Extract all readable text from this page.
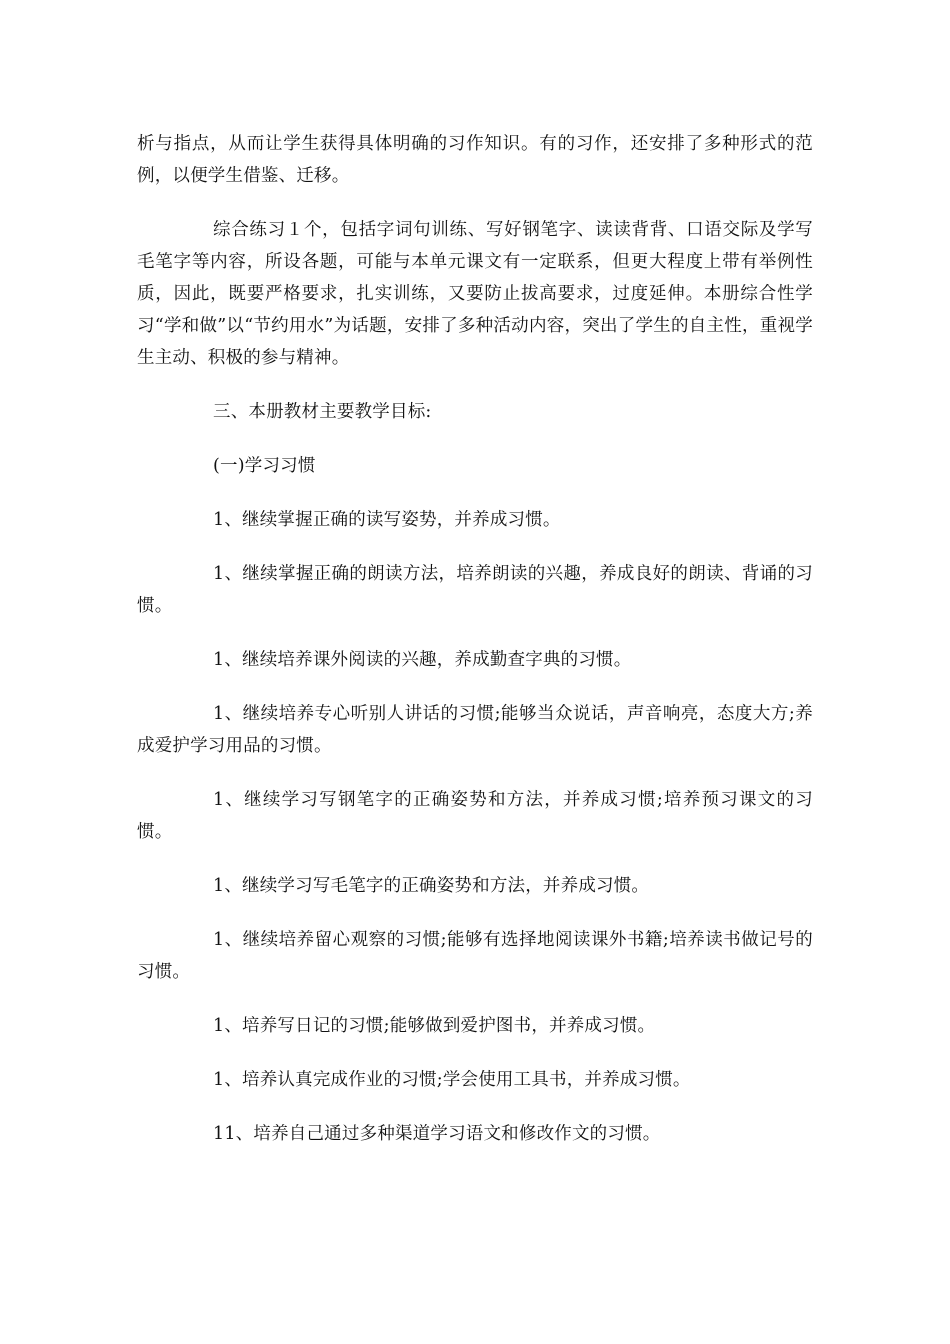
析与指点，从而让学生获得具体明确的习作知识。有的习作，还安排了多种形式的范例，以便学生借鉴、迁移。

综合练习１个，包括字词句训练、写好钢笔字、读读背背、口语交际及学写毛笔字等内容，所设各题，可能与本单元课文有一定联系，但更大程度上带有举例性质，因此，既要严格要求，扎实训练，又要防止拔高要求，过度延伸。本册综合性学习“学和做”以“节约用水”为话题，安排了多种活动内容，突出了学生的自主性，重视学生主动、积极的参与精神。

三、本册教材主要教学目标:

(一)学习习惯

1、继续掌握正确的读写姿势，并养成习惯。

1、继续掌握正确的朗读方法，培养朗读的兴趣，养成良好的朗读、背诵的习惯。

1、继续培养课外阅读的兴趣，养成勤查字典的习惯。

1、继续培养专心听别人讲话的习惯;能够当众说话，声音响亮，态度大方;养成爱护学习用品的习惯。

1、继续学习写钢笔字的正确姿势和方法，并养成习惯;培养预习课文的习惯。

1、继续学习写毛笔字的正确姿势和方法，并养成习惯。

1、继续培养留心观察的习惯;能够有选择地阅读课外书籍;培养读书做记号的习惯。

1、培养写日记的习惯;能够做到爱护图书，并养成习惯。

1、培养认真完成作业的习惯;学会使用工具书，并养成习惯。

11、培养自己通过多种渠道学习语文和修改作文的习惯。
